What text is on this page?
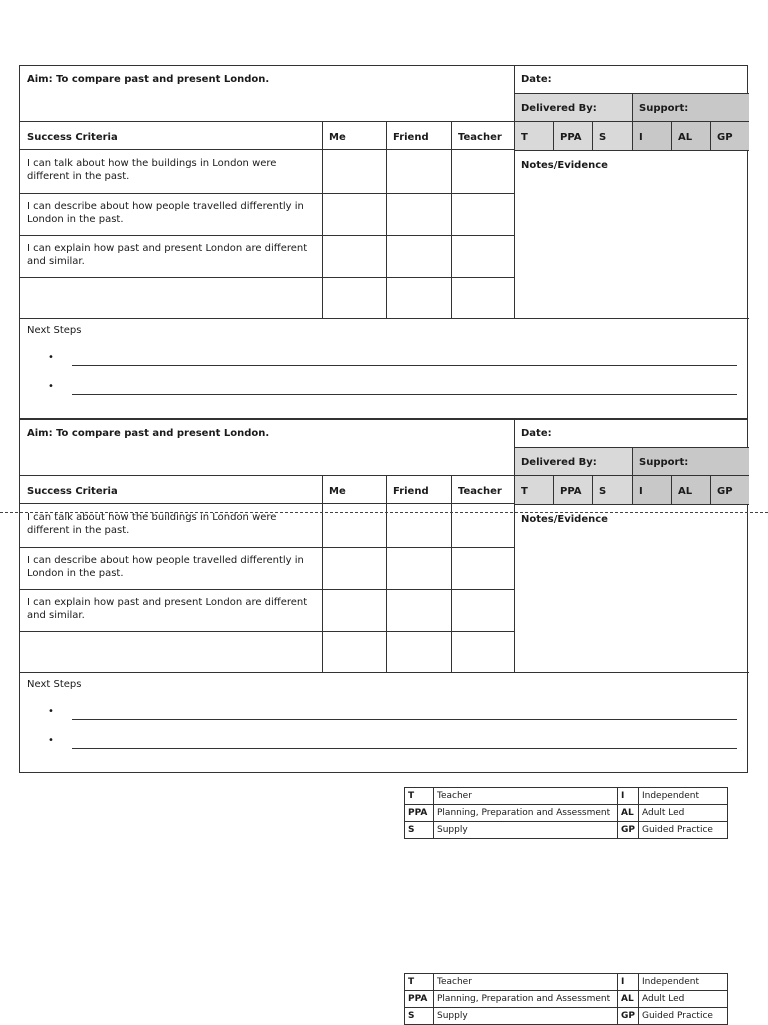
Aim: To compare past and present London.	Date:
Delivered By:	Support:
Success Criteria	Me	Friend	Teacher	T	PPA	S	I	AL	GP
I can talk about how the buildings in London were different in the past.
I can describe about how people travelled differently in London in the past.
I can explain how past and present London are different and similar.
Notes/Evidence
Next Steps
•
•
Aim: To compare past and present London.	Date:
Delivered By:	Support:
Success Criteria	Me	Friend	Teacher	T	PPA	S	I	AL	GP
I can talk about how the buildings in London were different in the past.
I can describe about how people travelled differently in London in the past.
I can explain how past and present London are different and similar.
Notes/Evidence
Next Steps
•
•
T	Teacher	I	Independent
PPA	Planning, Preparation and Assessment	AL	Adult Led
S	Supply	GP	Guided Practice
T	Teacher	I	Independent
PPA	Planning, Preparation and Assessment	AL	Adult Led
S	Supply	GP	Guided Practice
